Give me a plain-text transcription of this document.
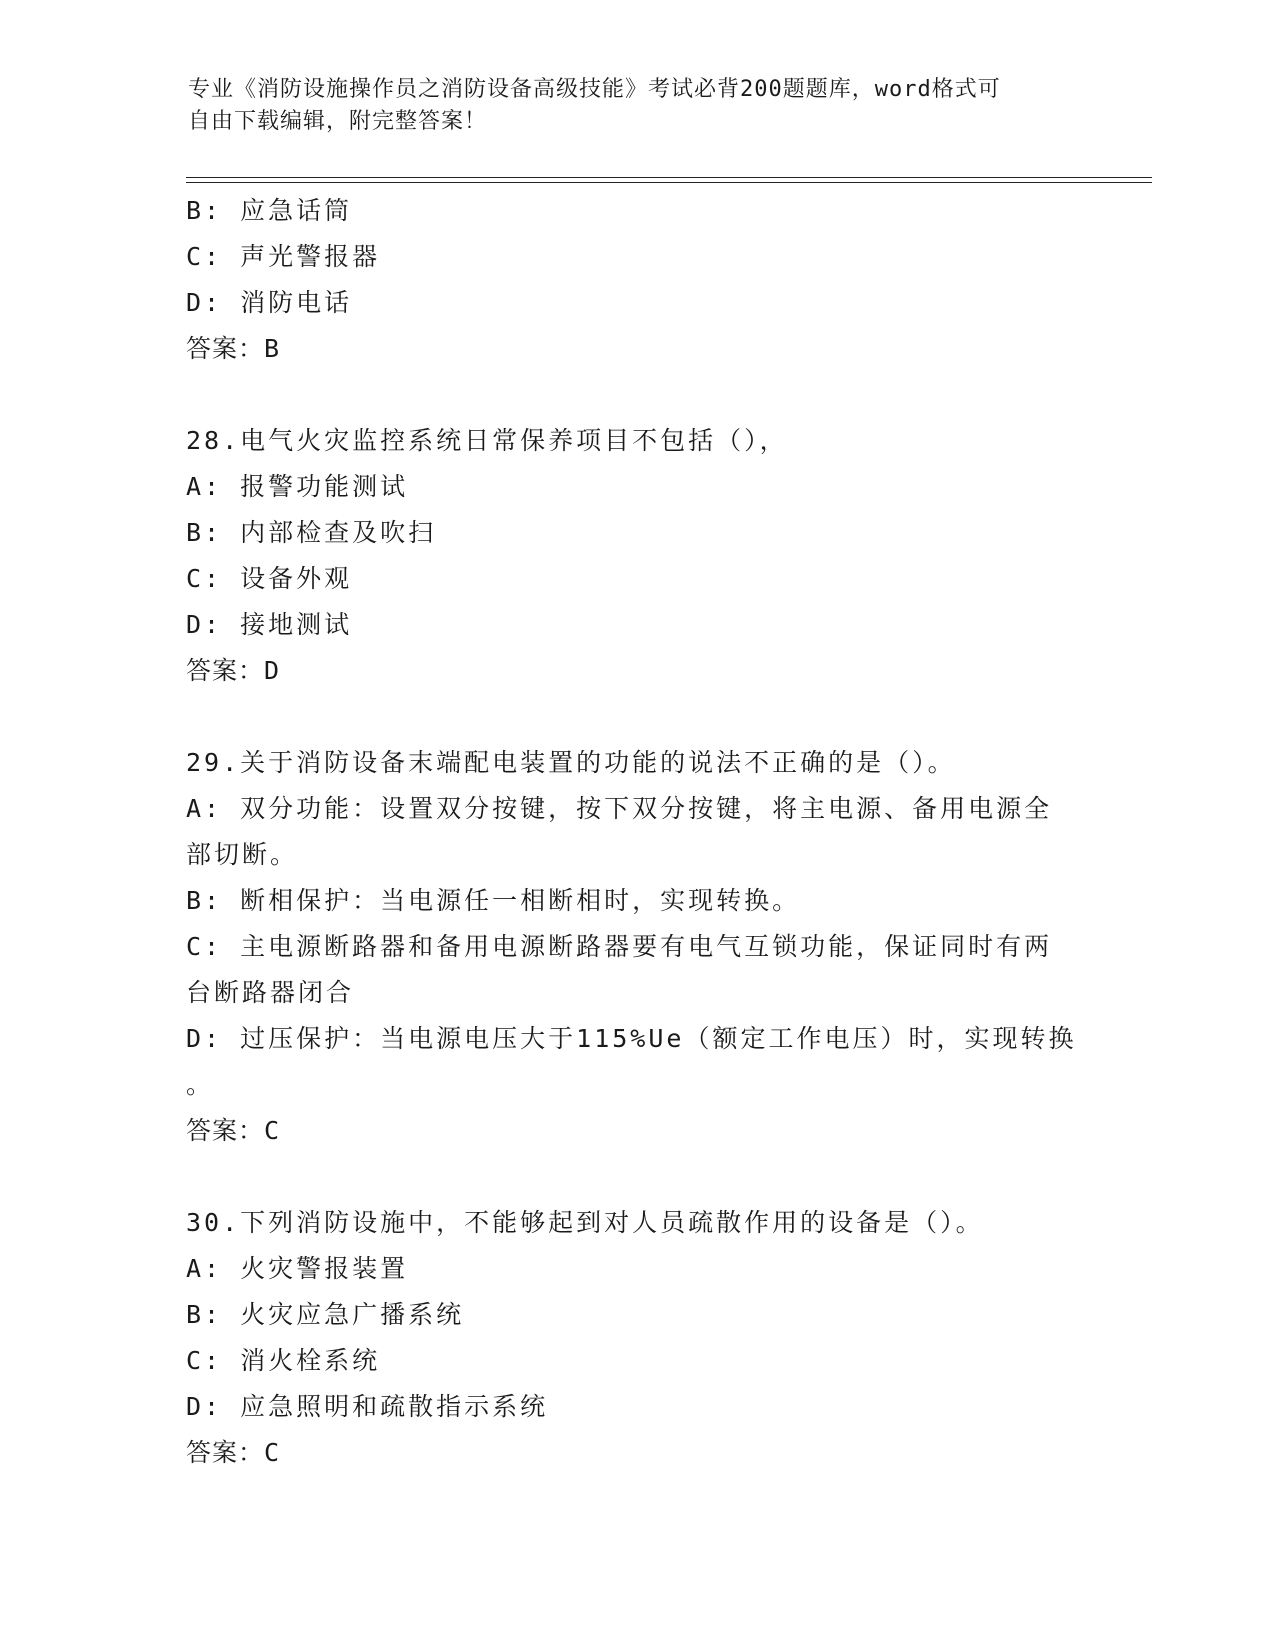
专业《消防设施操作员之消防设备高级技能》考试必背200题题库，word格式可
自由下载编辑，附完整答案！
B: 应急话筒
C: 声光警报器
D: 消防电话
答案：B
28.电气火灾监控系统日常保养项目不包括（），
A: 报警功能测试
B: 内部检查及吹扫
C: 设备外观
D: 接地测试
答案：D
29.关于消防设备末端配电装置的功能的说法不正确的是（）。
A: 双分功能：设置双分按键，按下双分按键，将主电源、备用电源全
部切断。
B: 断相保护：当电源任一相断相时，实现转换。
C: 主电源断路器和备用电源断路器要有电气互锁功能，保证同时有两
台断路器闭合
D: 过压保护：当电源电压大于115%Ue（额定工作电压）时，实现转换
。
答案：C
30.下列消防设施中，不能够起到对人员疏散作用的设备是（）。
A: 火灾警报装置
B: 火灾应急广播系统
C: 消火栓系统
D: 应急照明和疏散指示系统
答案：C
